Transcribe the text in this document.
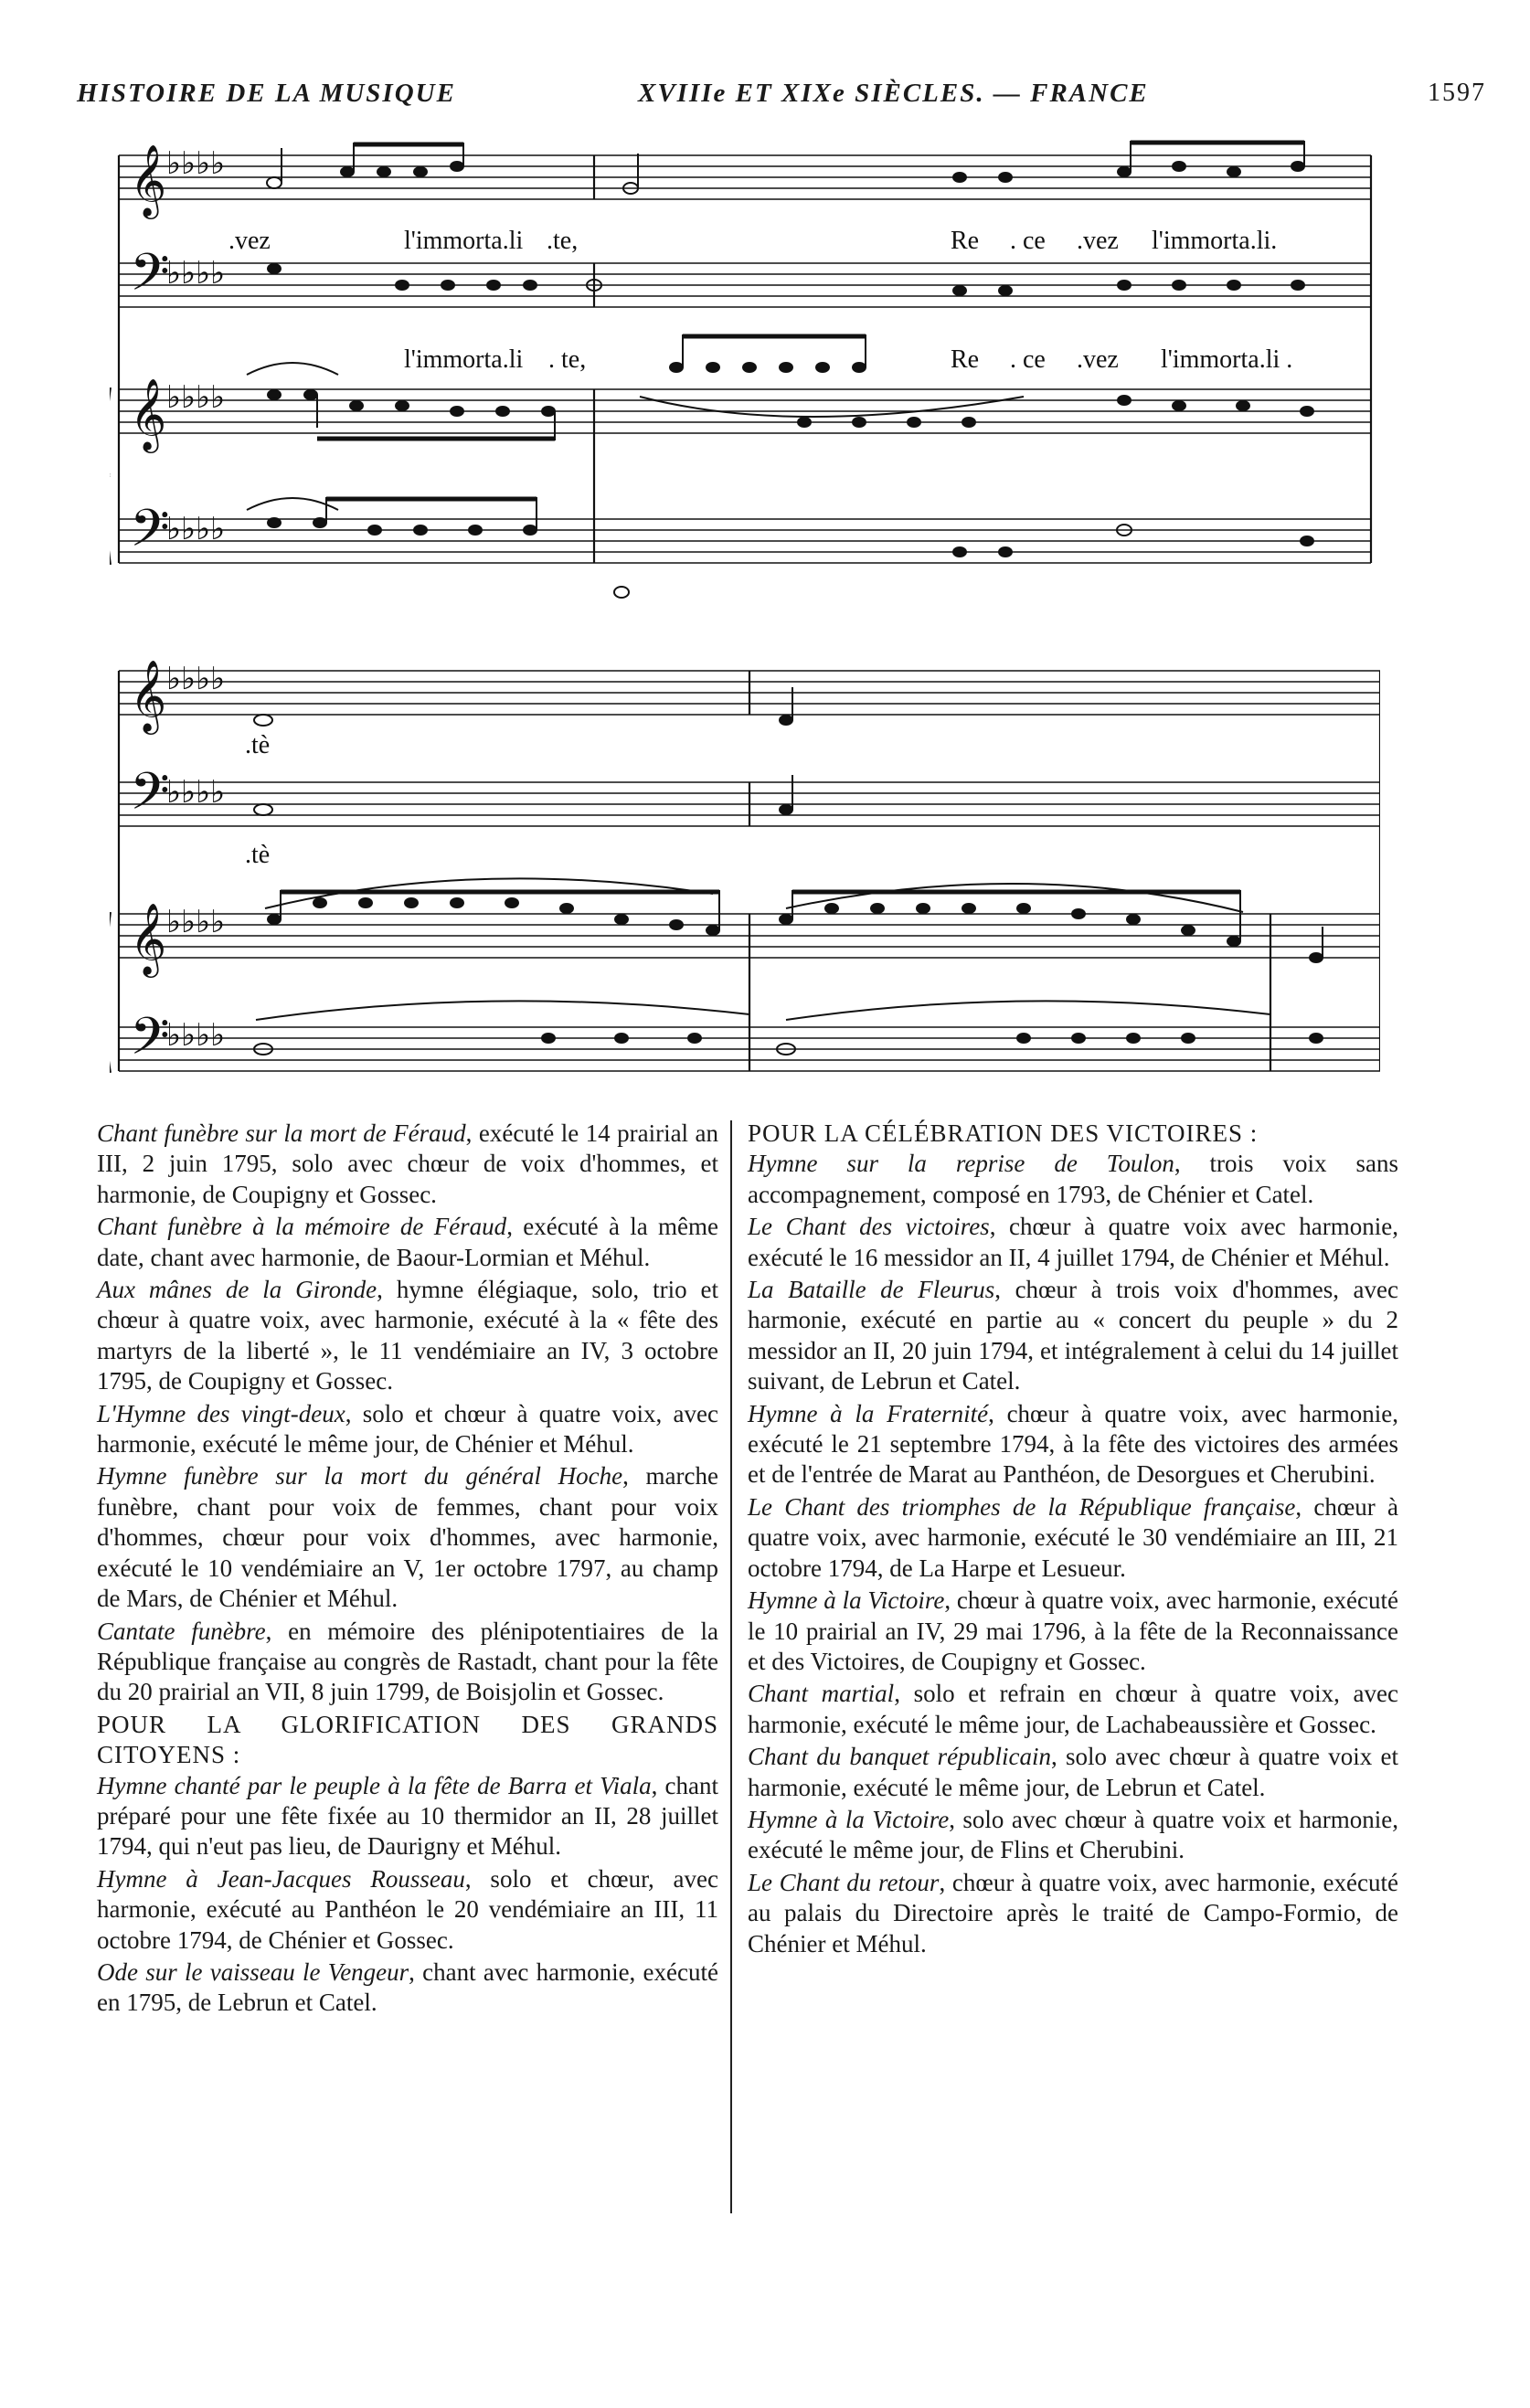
HISTOIRE DE LA MUSIQUE	XVIIIe ET XIXe SIÈCLES. — FRANCE	1597
𝄞
𝄢
𝄞
𝄢
𝄞
𝄢
𝄞
𝄢
♭♭♭♭
♭♭♭♭
♭♭♭♭
♭♭♭♭
♭♭♭♭
♭♭♭♭
♭♭♭♭
♭♭♭♭
.vez	l'immorta.li .te,	Re . ce .vez l'immorta.li.
l'immorta.li . te,	Re . ce .vez l'immorta.li .
.tè
.tè

Chant funèbre sur la mort de Féraud, exécuté le 14 prairial an III, 2 juin 1795, solo avec chœur de voix d'hommes, et harmonie, de Coupigny et Gossec.

Chant funèbre à la mémoire de Féraud, exécuté à la même date, chant avec harmonie, de Baour-Lormian et Méhul.

Aux mânes de la Gironde, hymne élégiaque, solo, trio et chœur à quatre voix, avec harmonie, exécuté à la « fête des martyrs de la liberté », le 11 vendémiaire an IV, 3 octobre 1795, de Coupigny et Gossec.

L'Hymne des vingt-deux, solo et chœur à quatre voix, avec harmonie, exécuté le même jour, de Chénier et Méhul.

Hymne funèbre sur la mort du général Hoche, marche funèbre, chant pour voix de femmes, chant pour voix d'hommes, chœur pour voix d'hommes, avec harmonie, exécuté le 10 vendémiaire an V, 1er octobre 1797, au champ de Mars, de Chénier et Méhul.

Cantate funèbre, en mémoire des plénipotentiaires de la République française au congrès de Rastadt, chant pour la fête du 20 prairial an VII, 8 juin 1799, de Boisjolin et Gossec.

POUR LA GLORIFICATION DES GRANDS CITOYENS :

Hymne chanté par le peuple à la fête de Barra et Viala, chant préparé pour une fête fixée au 10 thermidor an II, 28 juillet 1794, qui n'eut pas lieu, de Daurigny et Méhul.

Hymne à Jean-Jacques Rousseau, solo et chœur, avec harmonie, exécuté au Panthéon le 20 vendémiaire an III, 11 octobre 1794, de Chénier et Gossec.

Ode sur le vaisseau le Vengeur, chant avec harmonie, exécuté en 1795, de Lebrun et Catel.

POUR LA CÉLÉBRATION DES VICTOIRES :

Hymne sur la reprise de Toulon, trois voix sans accompagnement, composé en 1793, de Chénier et Catel.

Le Chant des victoires, chœur à quatre voix avec harmonie, exécuté le 16 messidor an II, 4 juillet 1794, de Chénier et Méhul.

La Bataille de Fleurus, chœur à trois voix d'hommes, avec harmonie, exécuté en partie au « concert du peuple » du 2 messidor an II, 20 juin 1794, et intégralement à celui du 14 juillet suivant, de Lebrun et Catel.

Hymne à la Fraternité, chœur à quatre voix, avec harmonie, exécuté le 21 septembre 1794, à la fête des victoires des armées et de l'entrée de Marat au Panthéon, de Desorgues et Cherubini.

Le Chant des triomphes de la République française, chœur à quatre voix, avec harmonie, exécuté le 30 vendémiaire an III, 21 octobre 1794, de La Harpe et Lesueur.

Hymne à la Victoire, chœur à quatre voix, avec harmonie, exécuté le 10 prairial an IV, 29 mai 1796, à la fête de la Reconnaissance et des Victoires, de Coupigny et Gossec.

Chant martial, solo et refrain en chœur à quatre voix, avec harmonie, exécuté le même jour, de Lachabeaussière et Gossec.

Chant du banquet républicain, solo avec chœur à quatre voix et harmonie, exécuté le même jour, de Lebrun et Catel.

Hymne à la Victoire, solo avec chœur à quatre voix et harmonie, exécuté le même jour, de Flins et Cherubini.

Le Chant du retour, chœur à quatre voix, avec harmonie, exécuté au palais du Directoire après le traité de Campo-Formio, de Chénier et Méhul.
